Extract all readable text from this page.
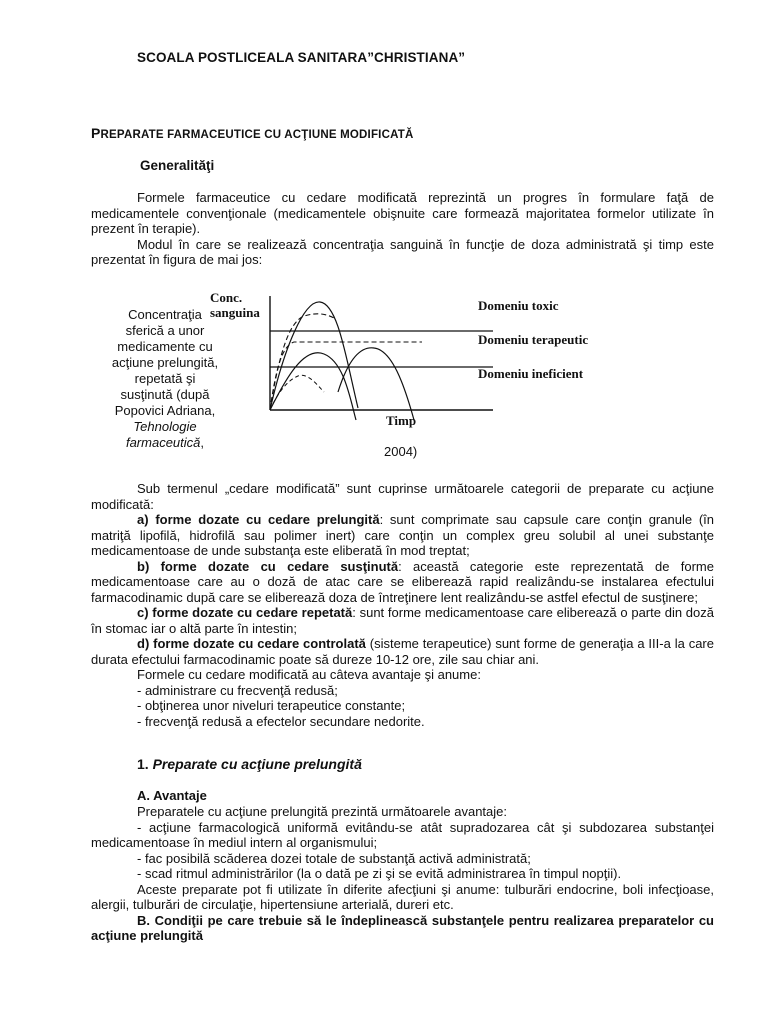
SCOALA POSTLICEALA SANITARA”CHRISTIANA”
PREPARATE FARMACEUTICE CU ACŢIUNE MODIFICATĂ
Generalităţi

Formele farmaceutice cu cedare modificată reprezintă un progres în formulare faţă de medicamentele convenţionale (medicamentele obişnuite care formează majoritatea formelor utilizate în prezent în terapie).

Modul în care se realizează concentraţia sanguină în funcţie de doza administrată şi timp este prezentat în figura de mai jos:

Concentraţia
sferică a unor
medicamente cu
acţiune prelungită,
repetată şi
susţinută (după
Popovici Adriana,
Tehnologie
farmaceutică,
Conc.
sanguina
Timp
Domeniu toxic
Domeniu terapeutic
Domeniu ineficient
2004)

Sub termenul „cedare modificată” sunt cuprinse următoarele categorii de preparate cu acţiune modificată:

a) forme dozate cu cedare prelungită: sunt comprimate sau capsule care conţin granule (în matriţă lipofilă, hidrofilă sau polimer inert) care conţin un complex greu solubil al unei substanţe medicamentoase de unde substanţa este eliberată în mod treptat;

b) forme dozate cu cedare susţinută: această categorie este reprezentată de forme medicamentoase care au o doză de atac care se eliberează rapid realizându-se instalarea efectului farmacodinamic după care se eliberează doza de întreţinere lent realizându-se astfel efectul de susţinere;

c) forme dozate cu cedare repetată: sunt forme medicamentoase care eliberează o parte din doză în stomac iar o altă parte în intestin;

d) forme dozate cu cedare controlată (sisteme terapeutice) sunt forme de generaţia a III-a la care durata efectului farmacodinamic poate să dureze 10-12 ore, zile sau chiar ani.

Formele cu cedare modificată au câteva avantaje şi anume:

- administrare cu frecvenţă redusă;

- obţinerea unor niveluri terapeutice constante;

- frecvenţă redusă a efectelor secundare nedorite.

1. Preparate cu acţiune prelungită
A. Avantaje

Preparatele cu acţiune prelungită prezintă următoarele avantaje:

- acţiune farmacologică uniformă evitându-se atât supradozarea cât şi subdozarea substanţei medicamentoase în mediul intern al organismului;

- fac posibilă scăderea dozei totale de substanţă activă administrată;

- scad ritmul administrărilor (la o dată pe zi şi se evită administrarea în timpul nopţii).

Aceste preparate pot fi utilizate în diferite afecţiuni şi anume: tulburări endocrine, boli infecţioase, alergii, tulburări de circulaţie, hipertensiune arterială, dureri etc.

B. Condiţii pe care trebuie să le îndeplinească substanţele pentru realizarea preparatelor cu acţiune prelungită
